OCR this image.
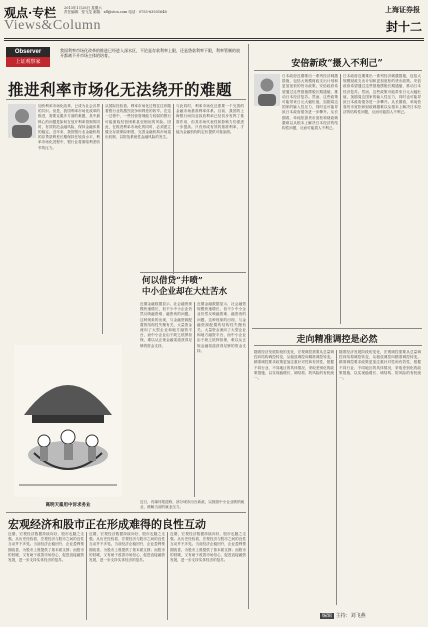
观点·专栏 2013年1月26日 星期六
责任编辑：张飞龙 邮箱：zfl@stcn.com 电话：0755-83501648
Views&Column
上海证券报
封十二
Observer
上证观察家
我国利率市场化改革的推进已经进入深水区，不论是存款利率上限，还是贷款利率下限，利率管制的放开都离不开市场主体的培育。
推进利率市场化无法绕开的难题
加快利率市场化改革，已成为社会各界的共识。但是，我国利率市场化改革的推进，需要克服多方面的难题，其中最核心的问题是如何在放开利率管制的同时，有效防范金融风险，保持金融体系的稳定。近年来，我国银行业金融机构的存贷款利差长期保持在较高水平，利率市场化进程中，银行业将面临利差收窄的压力。
从国际经验看，利率市场化过程往往伴随着银行业的激烈竞争和利差的收窄。在这一过程中，一些经营管理能力较弱的银行可能面临经营困难甚至倒闭的风险。因此，在推进利率市场化的同时，必须建立健全存款保险制度，完善金融机构市场退出机制，以防范系统性金融风险的发生。
与此同时，利率市场化还需要一个完善的金融市场基准利率体系。目前，我国的上海银行间同业拆放利率已经初步发挥了基准作用，但其市场代表性和影响力仍需进一步提高。只有形成有效的基准利率，才能为金融机构的定价提供可靠参照。
安倍新政“摄入不利己”
日本政府近期推出一系列经济刺激措施，包括大规模财政支出计划和更加宽松的货币政策。安倍政府希望通过这些措施摆脱长期通缩，推动日本经济复苏。然而，这些政策可能带来日元大幅贬值，加剧周边国家的输入性压力，同时也可能导致日本政府债务进一步攀升。从长期看，单纯依靠货币宽松和财政刺激难以从根本上解决日本经济的结构性问题，反而可能损人不利己。
日本政府近期推出一系列经济刺激措施，包括大规模财政支出计划和更加宽松的货币政策。安倍政府希望通过这些措施摆脱长期通缩，推动日本经济复苏。然而，这些政策可能带来日元大幅贬值，加剧周边国家的输入性压力，同时也可能导致日本政府债务进一步攀升。从长期看，单纯依靠货币宽松和财政刺激难以从根本上解决日本经济的结构性问题，反而可能损人不利己。
何以借贷“井喷”
中小企业却在大灶苦水
近期金融数据显示，社会融资规模快速增长，但不少中小企业仍然反映融资难、融资贵的问题。这种现象的出现，与金融资源配置的结构性失衡有关。大量资金流向了大型企业和地方融资平台，而中小企业由于缺乏抵押担保，难以从正规金融渠道获得足够的资金支持。
近期金融数据显示，社会融资规模快速增长，但不少中小企业仍然反映融资难、融资贵的问题。这种现象的出现，与金融资源配置的结构性失衡有关。大量资金流向了大型企业和地方融资平台，而中小企业由于缺乏抵押担保，难以从正规金融渠道获得足够的资金支持。
离明天雇用中诉求务业
近日，有媒体报道称，部分城市出台新政，以鼓励中小企业吸纳就业，缓解当前的就业压力。
走向精准调控是必然
随着经济发展阶段的变化，宏观调控需要从总量调控向结构调控转变，从粗放调控向精准调控转变。精准调控要求政策更加注重针对性和有效性，根据不同行业、不同地区的具体情况，采取差别化的政策措施，以实现稳增长、调结构、防风险的有机统一。
随着经济发展阶段的变化，宏观调控需要从总量调控向结构调控转变，从粗放调控向精准调控转变。精准调控要求政策更加注重针对性和有效性，根据不同行业、不同地区的具体情况，采取差别化的政策措施，以实现稳增长、调结构、防风险的有机统一。
宏观经济和股市正在形成难得的良性互动
近期，宏观经济数据持续向好，股市也随之走强。从历史经验看，宏观经济与股市之间的良性互动并不多见。当前经济企稳回升，企业盈利预期改善，为股市上涨提供了基本面支撑；而股市的回暖，又有助于改善市场信心，促进直接融资发展，进一步支持实体经济的复苏。
近期，宏观经济数据持续向好，股市也随之走强。从历史经验看，宏观经济与股市之间的良性互动并不多见。当前经济企稳回升，企业盈利预期改善，为股市上涨提供了基本面支撑；而股市的回暖，又有助于改善市场信心，促进直接融资发展，进一步支持实体经济的复苏。
近期，宏观经济数据持续向好，股市也随之走强。从历史经验看，宏观经济与股市之间的良性互动并不多见。当前经济企稳回升，企业盈利预期改善，为股市上涨提供了基本面支撑；而股市的回暖，又有助于改善市场信心，促进直接融资发展，进一步支持实体经济的复苏。
编辑 主持：刘飞燕
